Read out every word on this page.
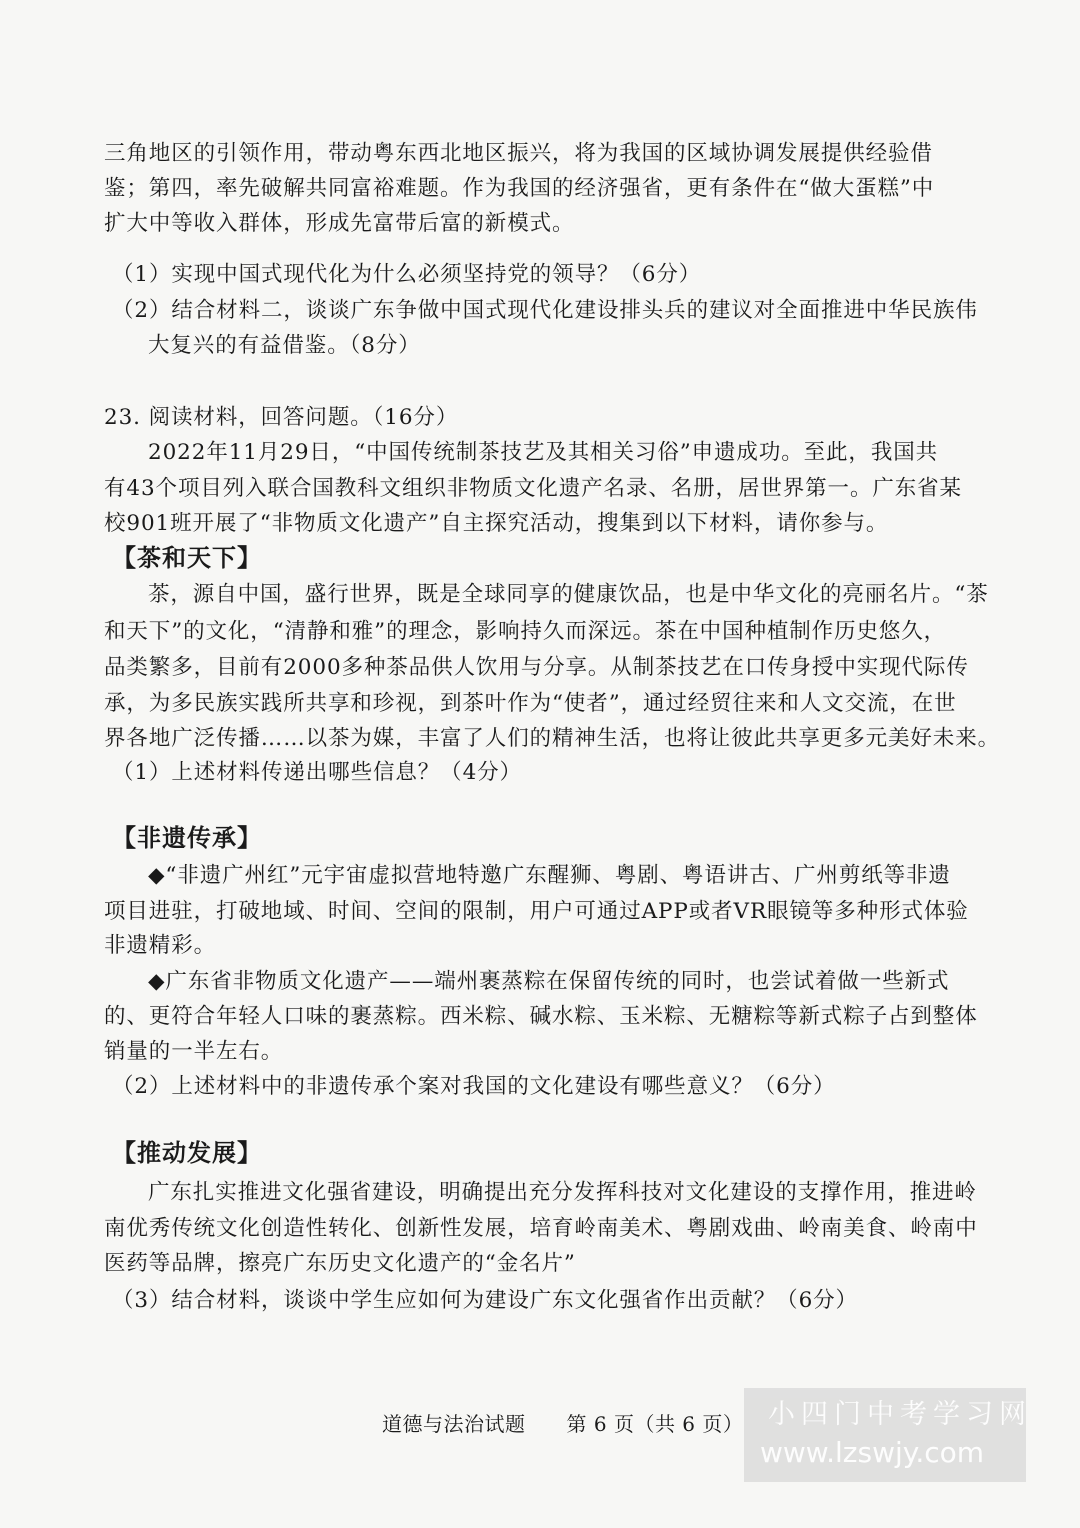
三角地区的引领作用，带动粤东西北地区振兴，将为我国的区域协调发展提供经验借
鉴；第四，率先破解共同富裕难题。作为我国的经济强省，更有条件在“做大蛋糕”中
扩大中等收入群体，形成先富带后富的新模式。
（1）实现中国式现代化为什么必须坚持党的领导？（6分）
（2）结合材料二，谈谈广东争做中国式现代化建设排头兵的建议对全面推进中华民族伟
大复兴的有益借鉴。（8分）
23. 阅读材料，回答问题。（16分）
2022年11月29日，“中国传统制茶技艺及其相关习俗”申遗成功。至此，我国共
有43个项目列入联合国教科文组织非物质文化遗产名录、名册，居世界第一。广东省某
校901班开展了“非物质文化遗产”自主探究活动，搜集到以下材料，请你参与。
【茶和天下】
茶，源自中国，盛行世界，既是全球同享的健康饮品，也是中华文化的亮丽名片。“茶
和天下”的文化，“清静和雅”的理念，影响持久而深远。茶在中国种植制作历史悠久，
品类繁多，目前有2000多种茶品供人饮用与分享。从制茶技艺在口传身授中实现代际传
承，为多民族实践所共享和珍视，到茶叶作为“使者”，通过经贸往来和人文交流，在世
界各地广泛传播……以茶为媒，丰富了人们的精神生活，也将让彼此共享更多元美好未来。
（1）上述材料传递出哪些信息？（4分）
【非遗传承】
◆“非遗广州红”元宇宙虚拟营地特邀广东醒狮、粤剧、粤语讲古、广州剪纸等非遗
项目进驻，打破地域、时间、空间的限制，用户可通过APP或者VR眼镜等多种形式体验
非遗精彩。
◆广东省非物质文化遗产——端州裹蒸粽在保留传统的同时，也尝试着做一些新式
的、更符合年轻人口味的裹蒸粽。西米粽、碱水粽、玉米粽、无糖粽等新式粽子占到整体
销量的一半左右。
（2）上述材料中的非遗传承个案对我国的文化建设有哪些意义？（6分）
【推动发展】
广东扎实推进文化强省建设，明确提出充分发挥科技对文化建设的支撑作用，推进岭
南优秀传统文化创造性转化、创新性发展，培育岭南美术、粤剧戏曲、岭南美食、岭南中
医药等品牌，擦亮广东历史文化遗产的“金名片”
（3）结合材料，谈谈中学生应如何为建设广东文化强省作出贡献？（6分）
道德与法治试题　　第 6 页（共 6 页） 小四门中考学习网
www.lzswjy.com
